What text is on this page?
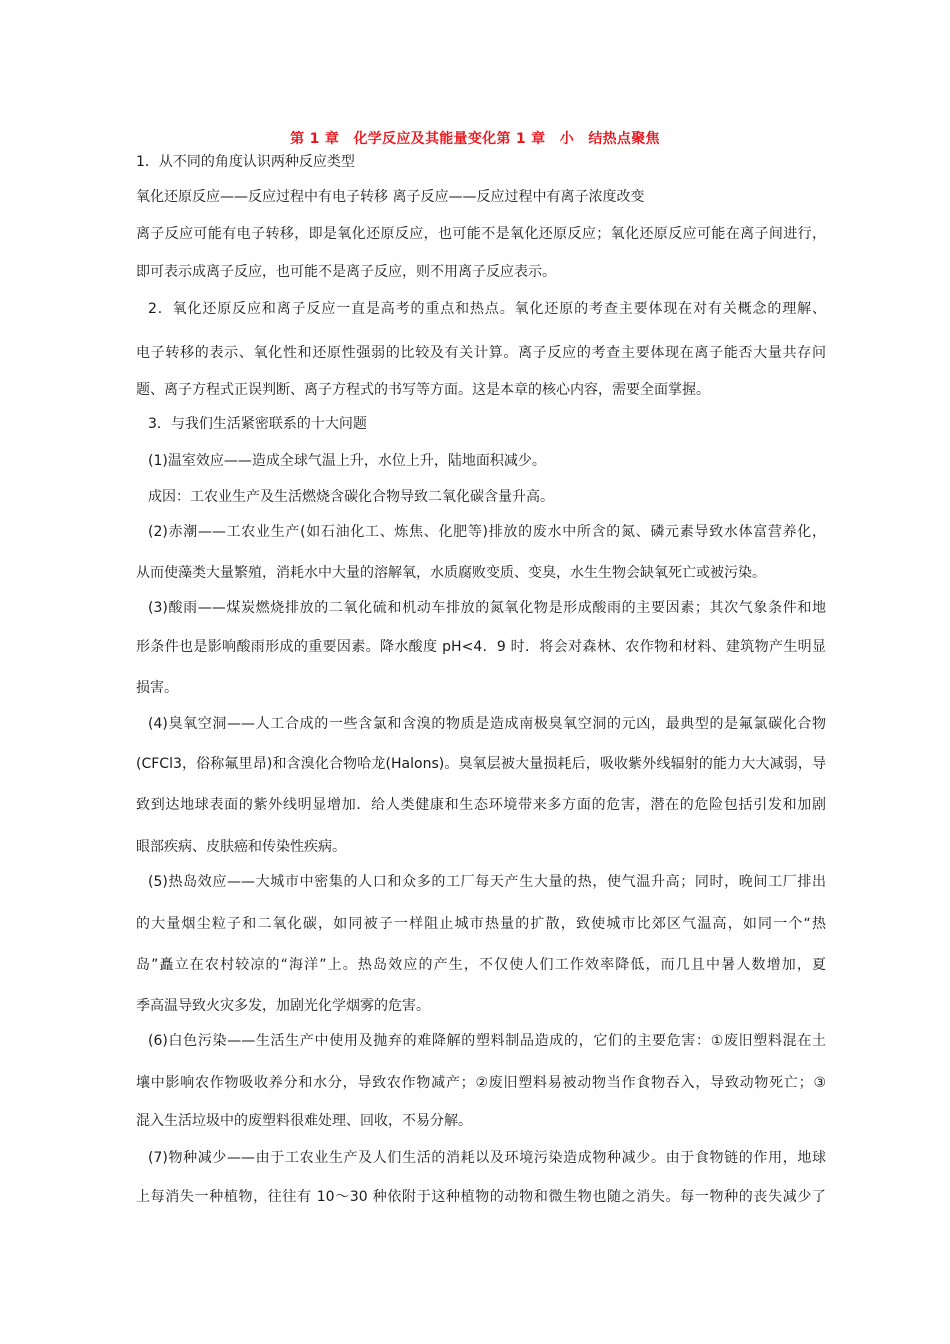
第 1 章　化学反应及其能量变化第 1 章　小　结热点聚焦
1．从不同的角度认识两种反应类型
氧化还原反应——反应过程中有电子转移 离子反应——反应过程中有离子浓度改变
离子反应可能有电子转移，即是氧化还原反应，也可能不是氧化还原反应；氧化还原反应可能在离子间进行，
即可表示成离子反应，也可能不是离子反应，则不用离子反应表示。
2．氧化还原反应和离子反应一直是高考的重点和热点。氧化还原的考查主要体现在对有关概念的理解、
电子转移的表示、氧化性和还原性强弱的比较及有关计算。离子反应的考查主要体现在离子能否大量共存问
题、离子方程式正误判断、离子方程式的书写等方面。这是本章的核心内容，需要全面掌握。
3．与我们生活紧密联系的十大问题
(1)温室效应——造成全球气温上升，水位上升，陆地面积减少。
成因：工农业生产及生活燃烧含碳化合物导致二氧化碳含量升高。
(2)赤潮——工农业生产(如石油化工、炼焦、化肥等)排放的废水中所含的氮、磷元素导致水体富营养化，
从而使藻类大量繁殖，消耗水中大量的溶解氧，水质腐败变质、变臭，水生生物会缺氧死亡或被污染。
(3)酸雨——煤炭燃烧排放的二氧化硫和机动车排放的氮氧化物是形成酸雨的主要因素；其次气象条件和地
形条件也是影响酸雨形成的重要因素。降水酸度 pH<4．9 时．将会对森林、农作物和材料、建筑物产生明显
损害。
(4)臭氧空洞——人工合成的一些含氯和含溴的物质是造成南极臭氧空洞的元凶，最典型的是氟氯碳化合物
(CFCl3，俗称氟里昂)和含溴化合物哈龙(Halons)。臭氧层被大量损耗后，吸收紫外线辐射的能力大大减弱，导
致到达地球表面的紫外线明显增加．给人类健康和生态环境带来多方面的危害，潜在的危险包括引发和加剧
眼部疾病、皮肤癌和传染性疾病。
(5)热岛效应——大城市中密集的人口和众多的工厂每天产生大量的热，使气温升高；同时，晚间工厂排出
的大量烟尘粒子和二氧化碳，如同被子一样阻止城市热量的扩散，致使城市比郊区气温高，如同一个“热
岛”矗立在农村较凉的“海洋”上。热岛效应的产生，不仅使人们工作效率降低，而几且中暑人数增加，夏
季高温导致火灾多发，加剧光化学烟雾的危害。
(6)白色污染——生活生产中使用及抛弃的难降解的塑料制品造成的，它们的主要危害：①废旧塑料混在土
壤中影响农作物吸收养分和水分，导致农作物减产；②废旧塑料易被动物当作食物吞入，导致动物死亡；③
混入生活垃圾中的废塑料很难处理、回收，不易分解。
(7)物种减少——由于工农业生产及人们生活的消耗以及环境污染造成物种减少。由于食物链的作用，地球
上每消失一种植物，往往有 10～30 种依附于这种植物的动物和微生物也随之消失。每一物种的丧失减少了
